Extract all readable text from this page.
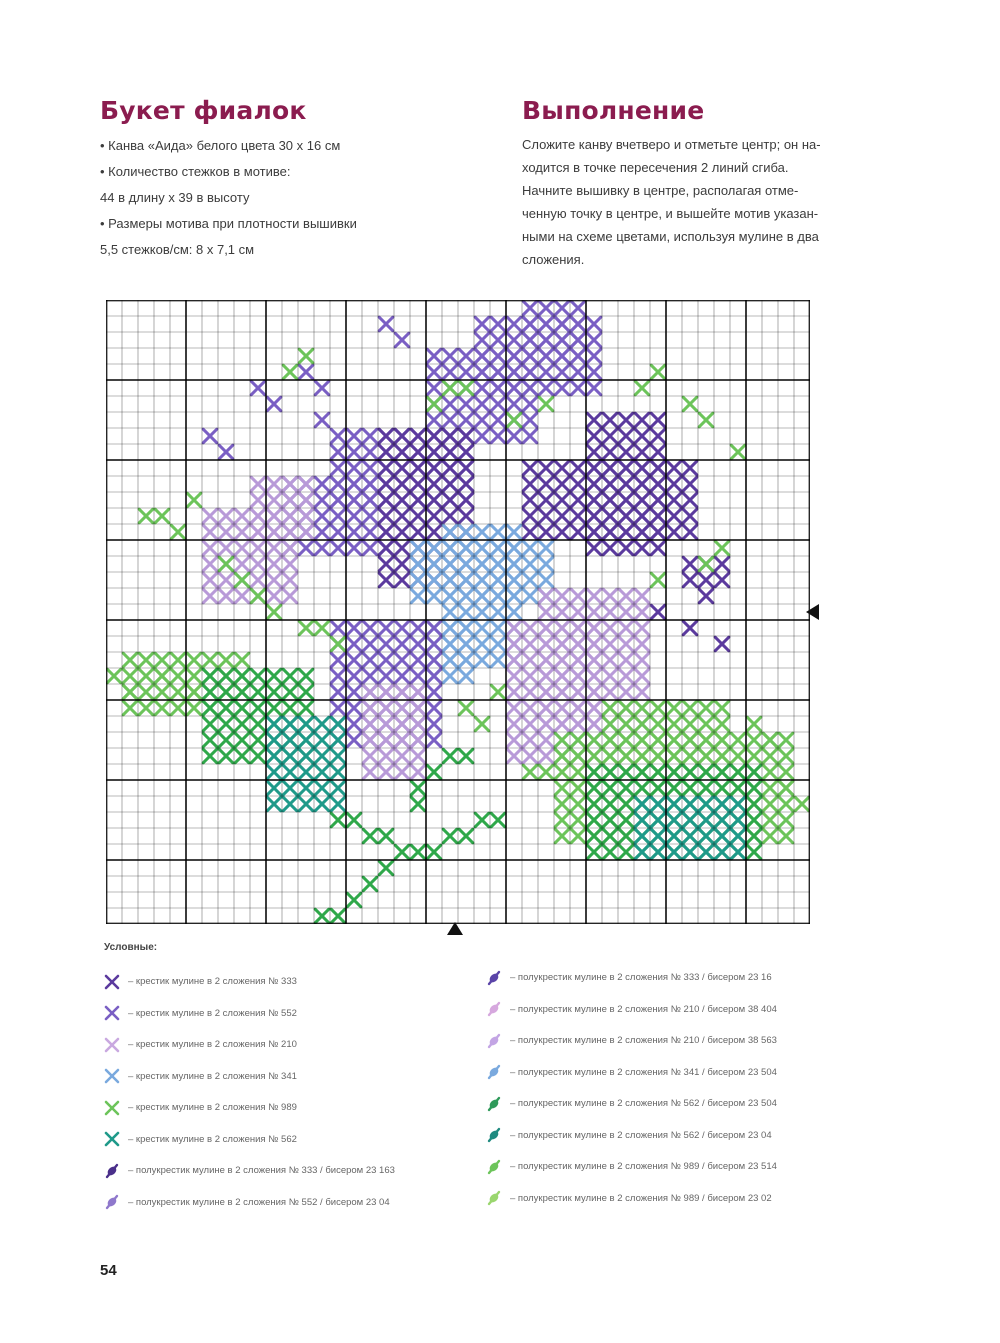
Букет фиалок

• Канва «Аида» белого цвета 30 х 16 см

• Количество стежков в мотиве:

44 в длину х 39 в высоту

• Размеры мотива при плотности вышивки

5,5 стежков/см: 8 х 7,1 см

Выполнение

Сложите канву вчетверо и отметьте центр; он на-

ходится в точке пересечения 2 линий сгиба.

Начните вышивку в центре, располагая отме-

ченную точку в центре, и вышейте мотив указан-

ными на схеме цветами, используя мулине в два

сложения.

Условные:
– крестик мулине в 2 сложения № 333
– крестик мулине в 2 сложения № 552
– крестик мулине в 2 сложения № 210
– крестик мулине в 2 сложения № 341
– крестик мулине в 2 сложения № 989
– крестик мулине в 2 сложения № 562
– полукрестик мулине в 2 сложения № 333 / бисером 23 163
– полукрестик мулине в 2 сложения № 552 / бисером 23 04
– полукрестик мулине в 2 сложения № 333 / бисером 23 16
– полукрестик мулине в 2 сложения № 210 / бисером 38 404
– полукрестик мулине в 2 сложения № 210 / бисером 38 563
– полукрестик мулине в 2 сложения № 341 / бисером 23 504
– полукрестик мулине в 2 сложения № 562 / бисером 23 504
– полукрестик мулине в 2 сложения № 562 / бисером 23 04
– полукрестик мулине в 2 сложения № 989 / бисером 23 514
– полукрестик мулине в 2 сложения № 989 / бисером 23 02
54
